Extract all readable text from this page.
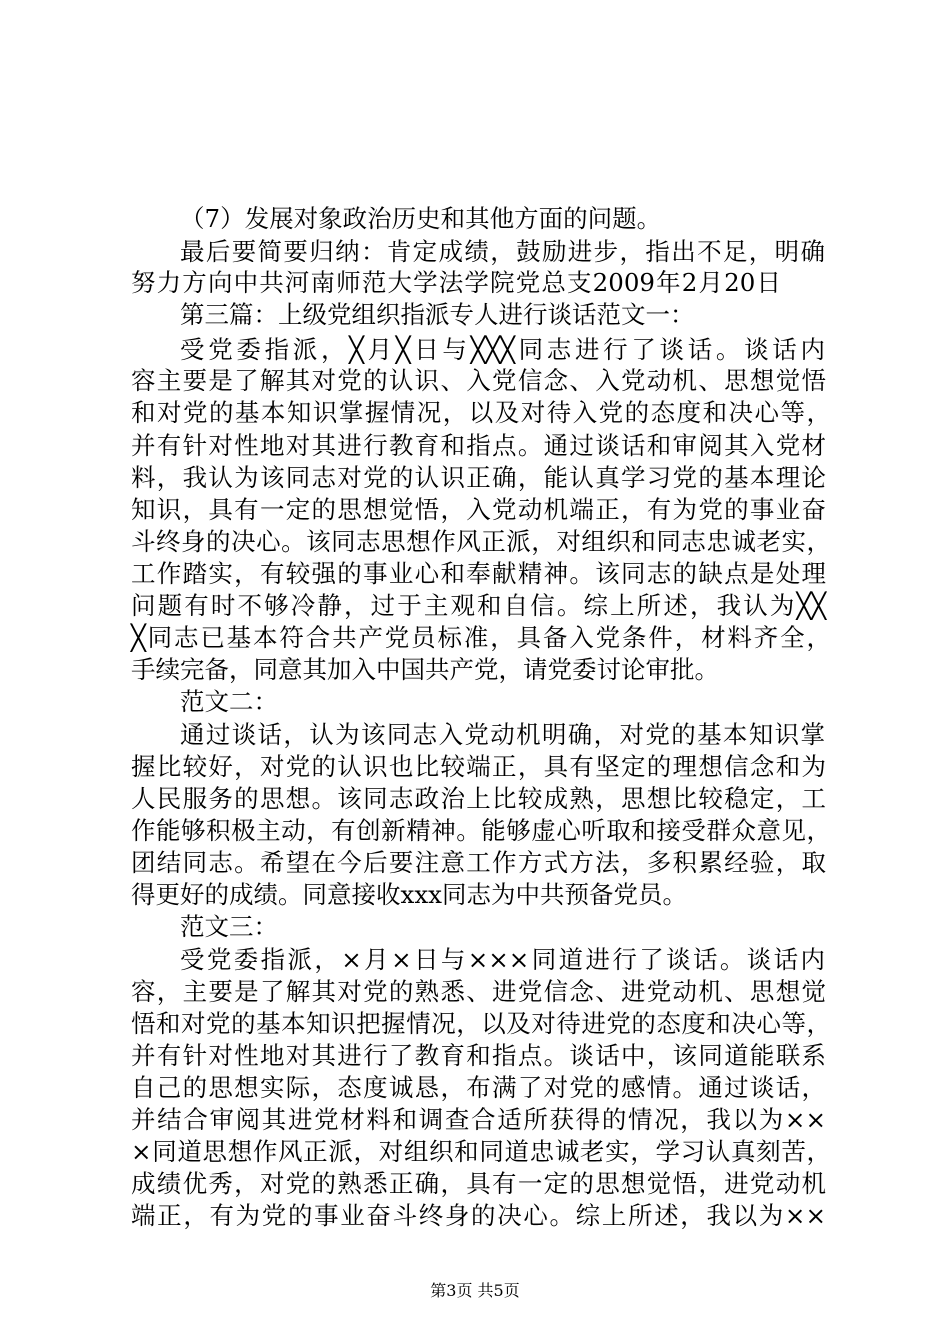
（7）发展对象政治历史和其他方面的问题。
最后要简要归纳：肯定成绩，鼓励进步，指出不足，明确
努力方向中共河南师范大学法学院党总支2009年2月20日
第三篇：上级党组织指派专人进行谈话范文一：
受党委指派，╳月╳日与╳╳╳同志进行了谈话。谈话内
容主要是了解其对党的认识、入党信念、入党动机、思想觉悟
和对党的基本知识掌握情况，以及对待入党的态度和决心等，
并有针对性地对其进行教育和指点。通过谈话和审阅其入党材
料，我认为该同志对党的认识正确，能认真学习党的基本理论
知识，具有一定的思想觉悟，入党动机端正，有为党的事业奋
斗终身的决心。该同志思想作风正派，对组织和同志忠诚老实，
工作踏实，有较强的事业心和奉献精神。该同志的缺点是处理
问题有时不够冷静，过于主观和自信。综上所述，我认为╳╳
╳同志已基本符合共产党员标准，具备入党条件，材料齐全，
手续完备，同意其加入中国共产党，请党委讨论审批。
范文二：
通过谈话，认为该同志入党动机明确，对党的基本知识掌
握比较好，对党的认识也比较端正，具有坚定的理想信念和为
人民服务的思想。该同志政治上比较成熟，思想比较稳定，工
作能够积极主动，有创新精神。能够虚心听取和接受群众意见，
团结同志。希望在今后要注意工作方式方法，多积累经验，取
得更好的成绩。同意接收xxx同志为中共预备党员。
范文三：
受党委指派，×月×日与×××同道进行了谈话。谈话内
容，主要是了解其对党的熟悉、进党信念、进党动机、思想觉
悟和对党的基本知识把握情况，以及对待进党的态度和决心等，
并有针对性地对其进行了教育和指点。谈话中，该同道能联系
自己的思想实际，态度诚恳，布满了对党的感情。通过谈话，
并结合审阅其进党材料和调查合适所获得的情况，我以为××
×同道思想作风正派，对组织和同道忠诚老实，学习认真刻苦，
成绩优秀，对党的熟悉正确，具有一定的思想觉悟，进党动机
端正，有为党的事业奋斗终身的决心。综上所述，我以为××
第3页 共5页
